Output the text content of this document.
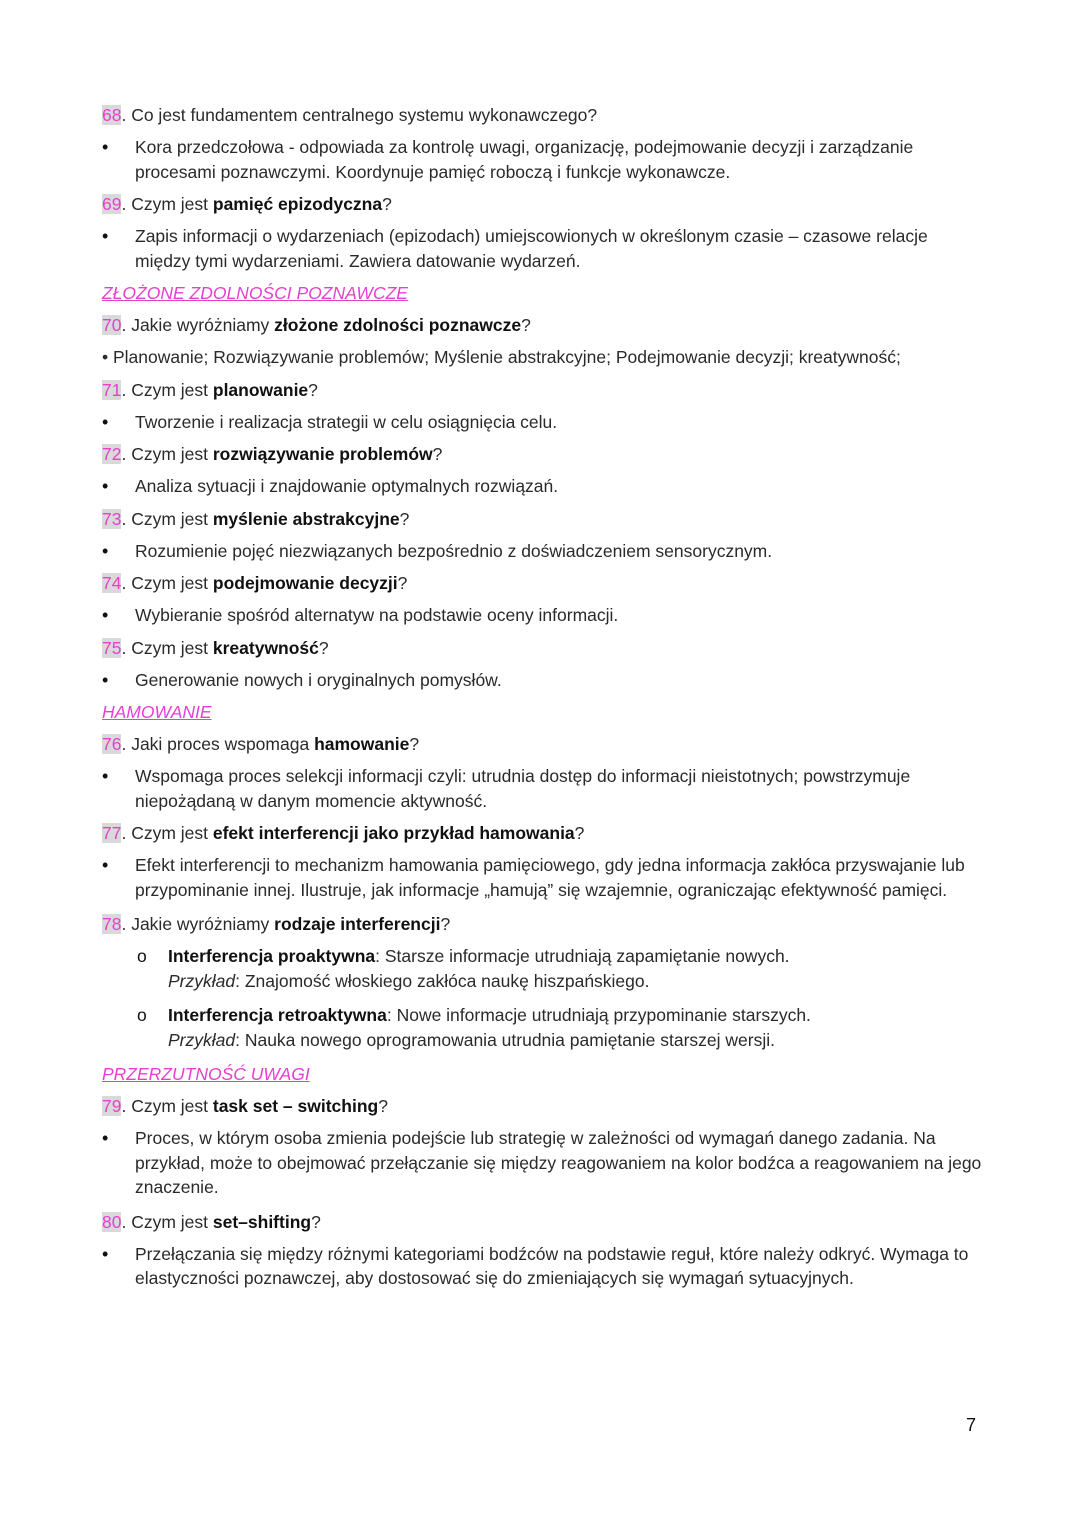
68. Co jest fundamentem centralnego systemu wykonawczego?
• Kora przedczołowa - odpowiada za kontrolę uwagi, organizację, podejmowanie decyzji i zarządzanie procesami poznawczymi. Koordynuje pamięć roboczą i funkcje wykonawcze.
69. Czym jest pamięć epizodyczna?
• Zapis informacji o wydarzeniach (epizodach) umiejscowionych w określonym czasie – czasowe relacje między tymi wydarzeniami. Zawiera datowanie wydarzeń.
ZŁOŻONE ZDOLNOŚCI POZNAWCZE
70. Jakie wyróżniamy złożone zdolności poznawcze?
• Planowanie; Rozwiązywanie problemów; Myślenie abstrakcyjne; Podejmowanie decyzji; kreatywność;
71. Czym jest planowanie?
• Tworzenie i realizacja strategii w celu osiągnięcia celu.
72. Czym jest rozwiązywanie problemów?
• Analiza sytuacji i znajdowanie optymalnych rozwiązań.
73. Czym jest myślenie abstrakcyjne?
• Rozumienie pojęć niezwiązanych bezpośrednio z doświadczeniem sensorycznym.
74. Czym jest podejmowanie decyzji?
• Wybieranie spośród alternatyw na podstawie oceny informacji.
75. Czym jest kreatywność?
• Generowanie nowych i oryginalnych pomysłów.
HAMOWANIE
76. Jaki proces wspomaga hamowanie?
• Wspomaga proces selekcji informacji czyli: utrudnia dostęp do informacji nieistotnych; powstrzymuje niepożądaną w danym momencie aktywność.
77. Czym jest efekt interferencji jako przykład hamowania?
• Efekt interferencji to mechanizm hamowania pamięciowego, gdy jedna informacja zakłóca przyswajanie lub przypominanie innej. Ilustruje, jak informacje „hamują” się wzajemnie, ograniczając efektywność pamięci.
78. Jakie wyróżniamy rodzaje interferencji?
o Interferencja proaktywna: Starsze informacje utrudniają zapamiętanie nowych.
Przykład: Znajomość włoskiego zakłóca naukę hiszpańskiego.
o Interferencja retroaktywna: Nowe informacje utrudniają przypominanie starszych.
Przykład: Nauka nowego oprogramowania utrudnia pamiętanie starszej wersji.
PRZERZUTNOŚĆ UWAGI
79. Czym jest task set – switching?
• Proces, w którym osoba zmienia podejście lub strategię w zależności od wymagań danego zadania. Na przykład, może to obejmować przełączanie się między reagowaniem na kolor bodźca a reagowaniem na jego znaczenie.
80. Czym jest set–shifting?
• Przełączania się między różnymi kategoriami bodźców na podstawie reguł, które należy odkryć. Wymaga to elastyczności poznawczej, aby dostosować się do zmieniających się wymagań sytuacyjnych.
7
